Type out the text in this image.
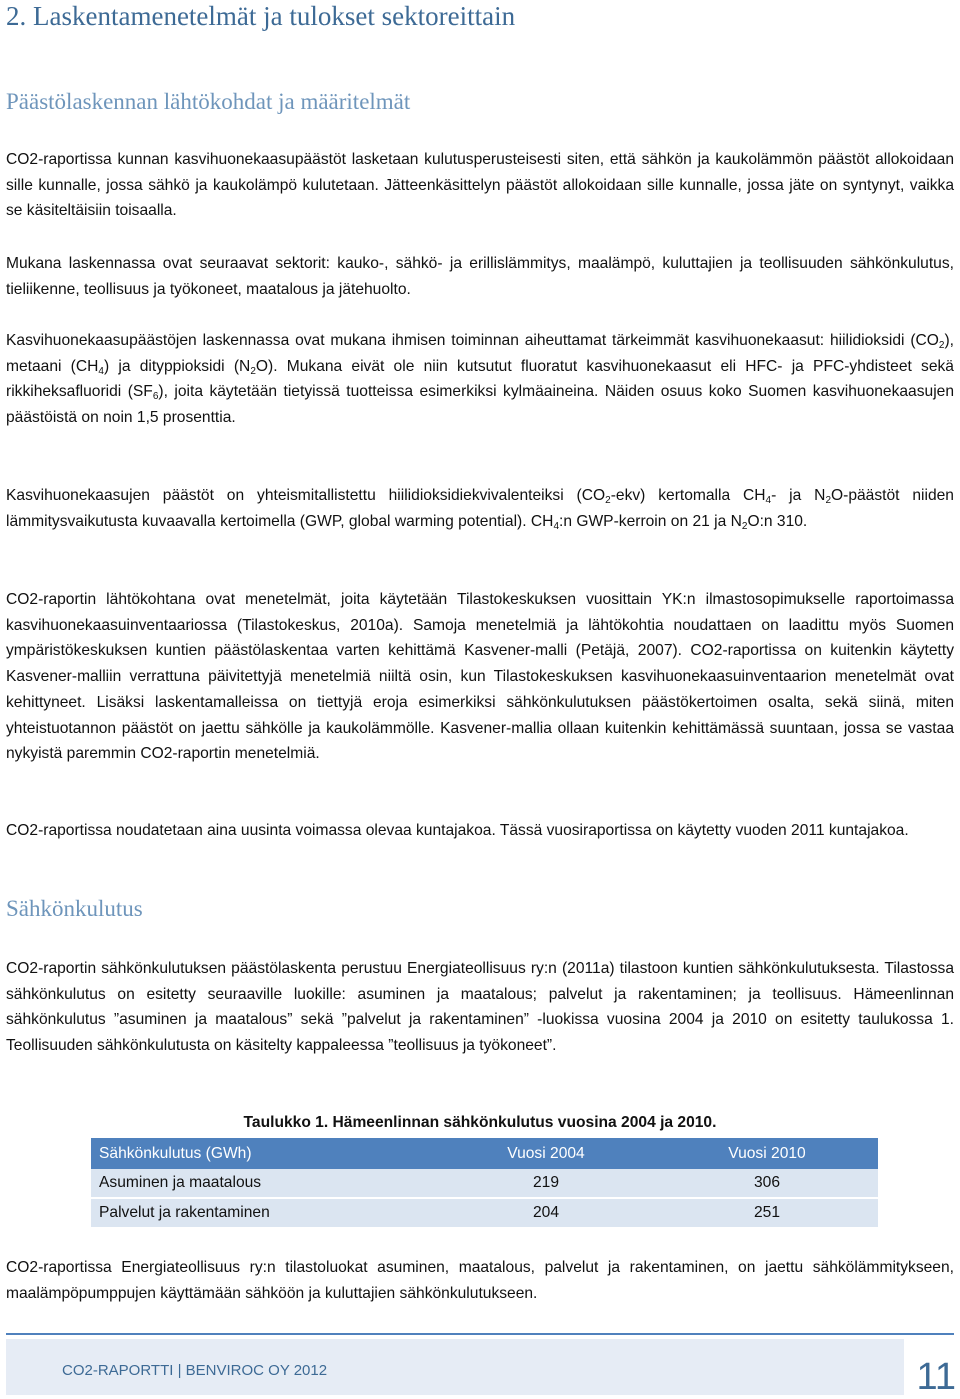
2. Laskentamenetelmät ja tulokset sektoreittain
Päästölaskennan lähtökohdat ja määritelmät

CO2-raportissa kunnan kasvihuonekaasupäästöt lasketaan kulutusperusteisesti siten, että sähkön ja kaukolämmön päästöt allokoidaan sille kunnalle, jossa sähkö ja kaukolämpö kulutetaan. Jätteenkäsittelyn päästöt allokoidaan sille kunnalle, jossa jäte on syntynyt, vaikka se käsiteltäisiin toisaalla.

Mukana laskennassa ovat seuraavat sektorit: kauko-, sähkö- ja erillislämmitys, maalämpö, kuluttajien ja teollisuuden sähkönkulutus, tieliikenne, teollisuus ja työkoneet, maatalous ja jätehuolto.

Kasvihuonekaasupäästöjen laskennassa ovat mukana ihmisen toiminnan aiheuttamat tärkeimmät kasvihuonekaasut: hiilidioksidi $(CO_2)$, metaani $(CH_4)$ ja dityppioksidi $(N_2O)$. Mukana eivät ole niin kutsutut fluoratut kasvihuonekaasut eli HFC- ja PFC-yhdisteet sekä rikkiheksafluoridi $(SF_6)$, joita käytetään tietyissä tuotteissa esimerkiksi kylmäaineina. Näiden osuus koko Suomen kasvihuonekaasujen päästöistä on noin 1,5 prosenttia.

Kasvihuonekaasujen päästöt on yhteismitallistettu hiilidioksidiekvivalenteiksi $(CO_2-ekv)$ kertomalla $CH_4-$ ja $N_2O$-päästöt niiden lämmitysvaikutusta kuvaavalla kertoimella (GWP, global warming potential). $CH_4:n$ GWP-kerroin on 21 ja $N_2O:n$ 310.

CO2-raportin lähtökohtana ovat menetelmät, joita käytetään Tilastokeskuksen vuosittain YK:n ilmastosopimukselle raportoimassa kasvihuonekaasuinventaariossa (Tilastokeskus, 2010a). Samoja menetelmiä ja lähtökohtia noudattaen on laadittu myös Suomen ympäristökeskuksen kuntien päästölaskentaa varten kehittämä Kasvener-malli (Petäjä, 2007). CO2-raportissa on kuitenkin käytetty Kasvener-malliin verrattuna päivitettyjä menetelmiä niiltä osin, kun Tilastokeskuksen kasvihuonekaasuinventaarion menetelmät ovat kehittyneet. Lisäksi laskentamalleissa on tiettyjä eroja esimerkiksi sähkönkulutuksen päästökertoimen osalta, sekä siinä, miten yhteistuotannon päästöt on jaettu sähkölle ja kaukolämmölle. Kasvener-mallia ollaan kuitenkin kehittämässä suuntaan, jossa se vastaa nykyistä paremmin CO2-raportin menetelmiä.

CO2-raportissa noudatetaan aina uusinta voimassa olevaa kuntajakoa. Tässä vuosiraportissa on käytetty vuoden 2011 kuntajakoa.

Sähkönkulutus

CO2-raportin sähkönkulutuksen päästölaskenta perustuu Energiateollisuus ry:n (2011a) tilastoon kuntien sähkönkulutuksesta. Tilastossa sähkönkulutus on esitetty seuraaville luokille: asuminen ja maatalous; palvelut ja rakentaminen; ja teollisuus. Hämeenlinnan sähkönkulutus ”asuminen ja maatalous” sekä ”palvelut ja rakentaminen” -luokissa vuosina 2004 ja 2010 on esitetty taulukossa 1. Teollisuuden sähkönkulutusta on käsitelty kappaleessa ”teollisuus ja työkoneet”.

Taulukko 1. Hämeenlinnan sähkönkulutus vuosina 2004 ja 2010.

Sähkönkulutus (GWh)	Vuosi 2004	Vuosi 2010
Asuminen ja maatalous	219	306
Palvelut ja rakentaminen	204	251

CO2-raportissa Energiateollisuus ry:n tilastoluokat asuminen, maatalous, palvelut ja rakentaminen, on jaettu sähkölämmitykseen, maalämpöpumppujen käyttämään sähköön ja kuluttajien sähkönkulutukseen.

CO2-RAPORTTI | BENVIROC OY 2012	11
